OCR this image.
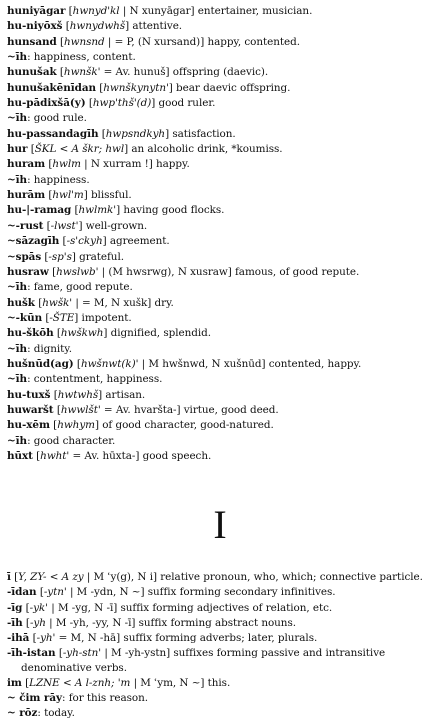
huniyāgar [hwnyd'kl | N xunyāgar] entertainer, musician.
hu-niyōxš [hwnydwhš] attentive.
hunsand [hwnsnd | = P, (N xursand)] happy, contented.
~īh: happiness, content.
hunušak [hwnšk' = Av. hunuš] offspring (daevic).
hunušakēnīdan [hwnškynytn'] bear daevic offspring.
hu-pādixšā(y) [hwp'thš'(d)] good ruler.
~īh: good rule.
hu-passandagīh [hwpsndkyh] satisfaction.
hur [ŠKL < A škr; hwl] an alcoholic drink, *koumiss.
huram [hwlm | N xurram !] happy.
~īh: happiness.
hurām [hwl'm] blissful.
hu-|-ramag [hwlmk'] having good flocks.
~-rust [-lwst'] well-grown.
~sāzagīh [-s'ckyh] agreement.
~spās [-sp's] grateful.
husraw [hwslwb' | (M hwsrwg), N xusraw] famous, of good repute.
~īh: fame, good repute.
hušk [hwšk' | = M, N xušk] dry.
~-kūn [-ŠTE] impotent.
hu-škōh [hwškwh] dignified, splendid.
~īh: dignity.
hušnūd(ag) [hwšnwt(k)' | M hwšnwd, N xušnūd] contented, happy.
~īh: contentment, happiness.
hu-tuxš [hwtwhš] artisan.
huwaršt [hwwlšt' = Av. hvaršta-] virtue, good deed.
hu-xēm [hwhym] of good character, good-natured.
~īh: good character.
hūxt [hwht' = Av. hūxta-] good speech.
I
ī [Y, ZY- < A zy | M ʿy(g), N i] relative pronoun, who, which; connective particle.
-īdan [-ytn' | M -ydn, N ~] suffix forming secondary infinitives.
-īg [-yk' | M -yg, N -ī] suffix forming adjectives of relation, etc.
-īh [-yh | M -yh, -yy, N -ī] suffix forming abstract nouns.
-ihā [-yh' = M, N -hā] suffix forming adverbs; later, plurals.
-īh-istan [-yh-stn' | M -yh-ystn] suffixes forming passive and intransitive denominative verbs.
im [LZNE < A l-znh; 'm | M ʿym, N ~] this.
~ čim rāy: for this reason.
~ rōz: today.
